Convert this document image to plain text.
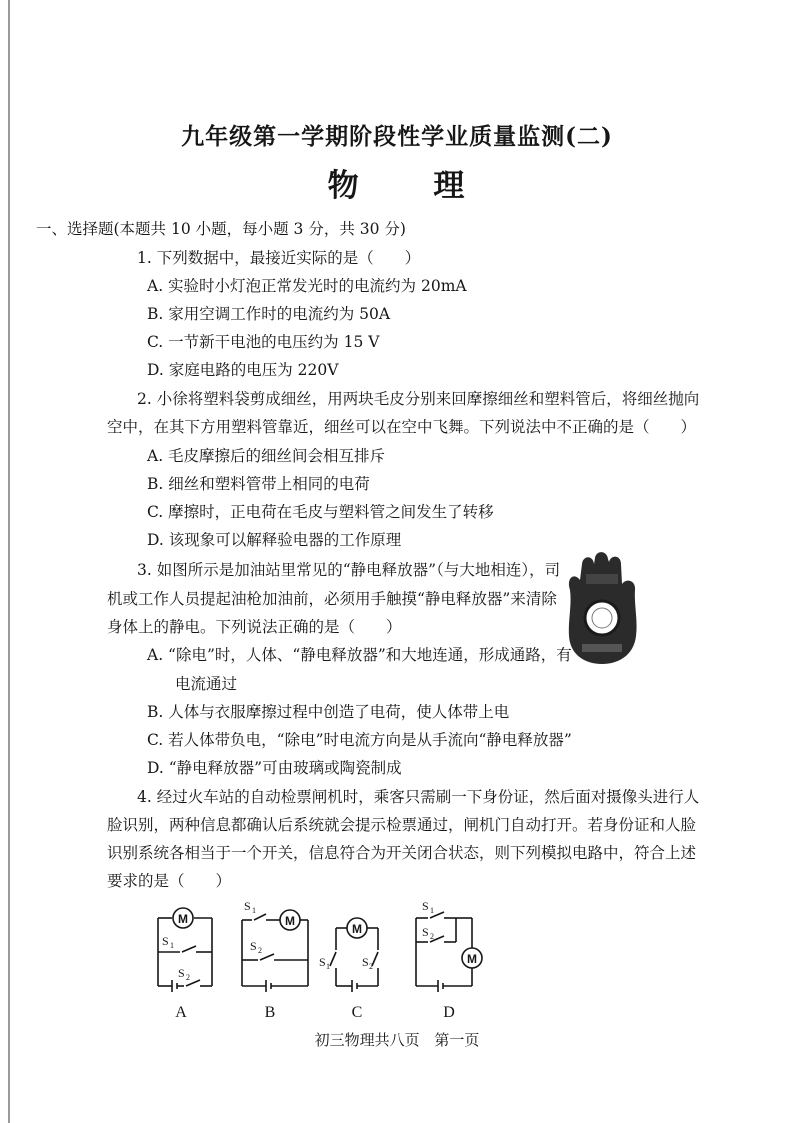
九年级第一学期阶段性学业质量监测(二)
物 理
一、选择题(本题共 10 小题，每小题 3 分，共 30 分)
1. 下列数据中，最接近实际的是（　　）
A. 实验时小灯泡正常发光时的电流约为 20mA
B. 家用空调工作时的电流约为 50A
C. 一节新干电池的电压约为 15 V
D. 家庭电路的电压为 220V
2. 小徐将塑料袋剪成细丝，用两块毛皮分别来回摩擦细丝和塑料管后，将细丝抛向
空中，在其下方用塑料管靠近，细丝可以在空中飞舞。下列说法中不正确的是（　　）
A. 毛皮摩擦后的细丝间会相互排斥
B. 细丝和塑料管带上相同的电荷
C. 摩擦时，正电荷在毛皮与塑料管之间发生了转移
D. 该现象可以解释验电器的工作原理
3. 如图所示是加油站里常见的“静电释放器”（与大地相连），司
机或工作人员提起油枪加油前，必须用手触摸“静电释放器”来清除
身体上的静电。下列说法正确的是（　　）
A. “除电”时，人体、“静电释放器”和大地连通，形成通路，有
电流通过
B. 人体与衣服摩擦过程中创造了电荷，使人体带上电
C. 若人体带负电，“除电”时电流方向是从手流向“静电释放器”
D. “静电释放器”可由玻璃或陶瓷制成
4. 经过火车站的自动检票闸机时，乘客只需刷一下身份证，然后面对摄像头进行人
脸识别，两种信息都确认后系统就会提示检票通过，闸机门自动打开。若身份证和人脸
识别系统各相当于一个开关，信息符合为开关闭合状态，则下列模拟电路中，符合上述
要求的是（　　）
M
S 1
S 2
M
S 1
S 2
M
S 1	S 2
M
S 1
S 2
A	B	C	D
初三物理共八页 第一页
